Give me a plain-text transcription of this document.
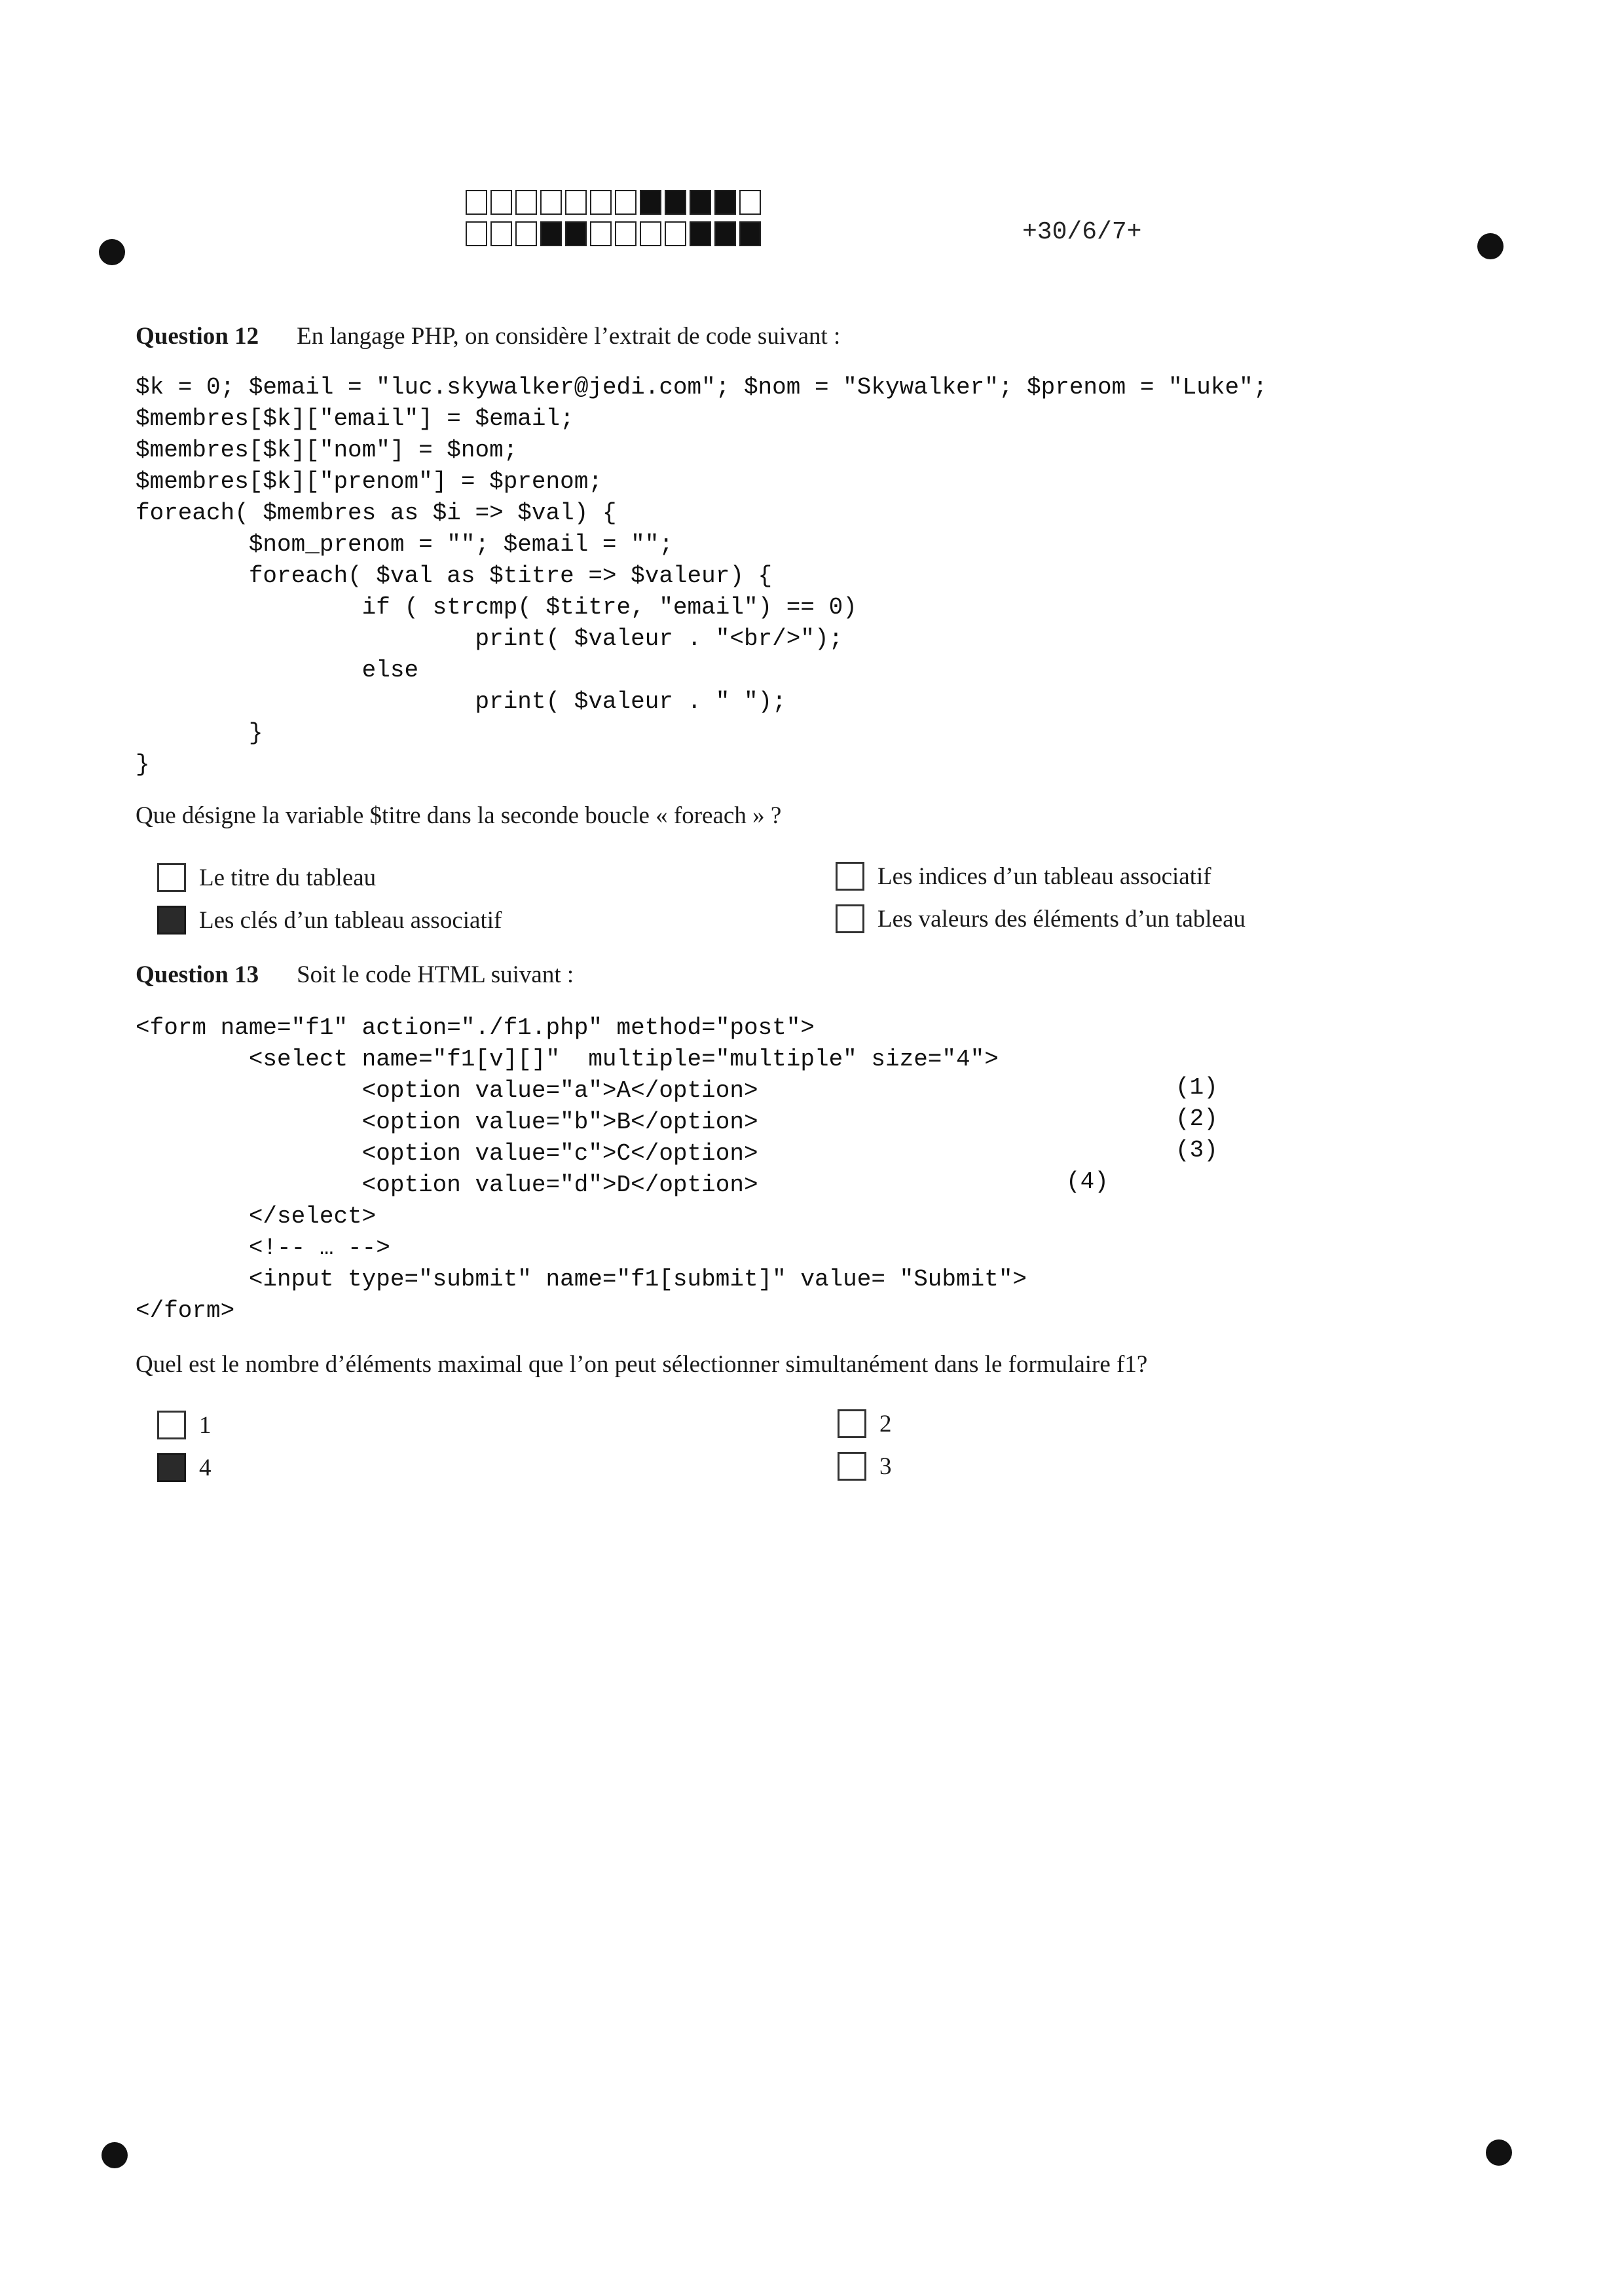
+30/6/7+
Question 12 En langage PHP, on considère l’extrait de code suivant :
$k = 0; $email = "luc.skywalker@jedi.com"; $nom = "Skywalker"; $prenom = "Luke";
$membres[$k]["email"] = $email;
$membres[$k]["nom"] = $nom;
$membres[$k]["prenom"] = $prenom;
foreach( $membres as $i => $val) {
$nom_prenom = ""; $email = "";
foreach( $val as $titre => $valeur) {
if ( strcmp( $titre, "email") == 0)
print( $valeur . "<br/>");
else
print( $valeur . " ");
}
}
Que désigne la variable $titre dans la seconde boucle « foreach » ?
Le titre du tableau	Les indices d’un tableau associatif
Les clés d’un tableau associatif	Les valeurs des éléments d’un tableau
Question 13 Soit le code HTML suivant :
<form name="f1" action="./f1.php" method="post">
<select name="f1[v][]"  multiple="multiple" size="4">
<option value="a">A</option>
<option value="b">B</option>
<option value="c">C</option>
<option value="d">D</option>
</select>
<!-- … -->
<input type="submit" name="f1[submit]" value= "Submit">
</form>
(1)
(2)
(3)
(4)
Quel est le nombre d’éléments maximal que l’on peut sélectionner simultanément dans le formulaire f1?
1	2
4	3
